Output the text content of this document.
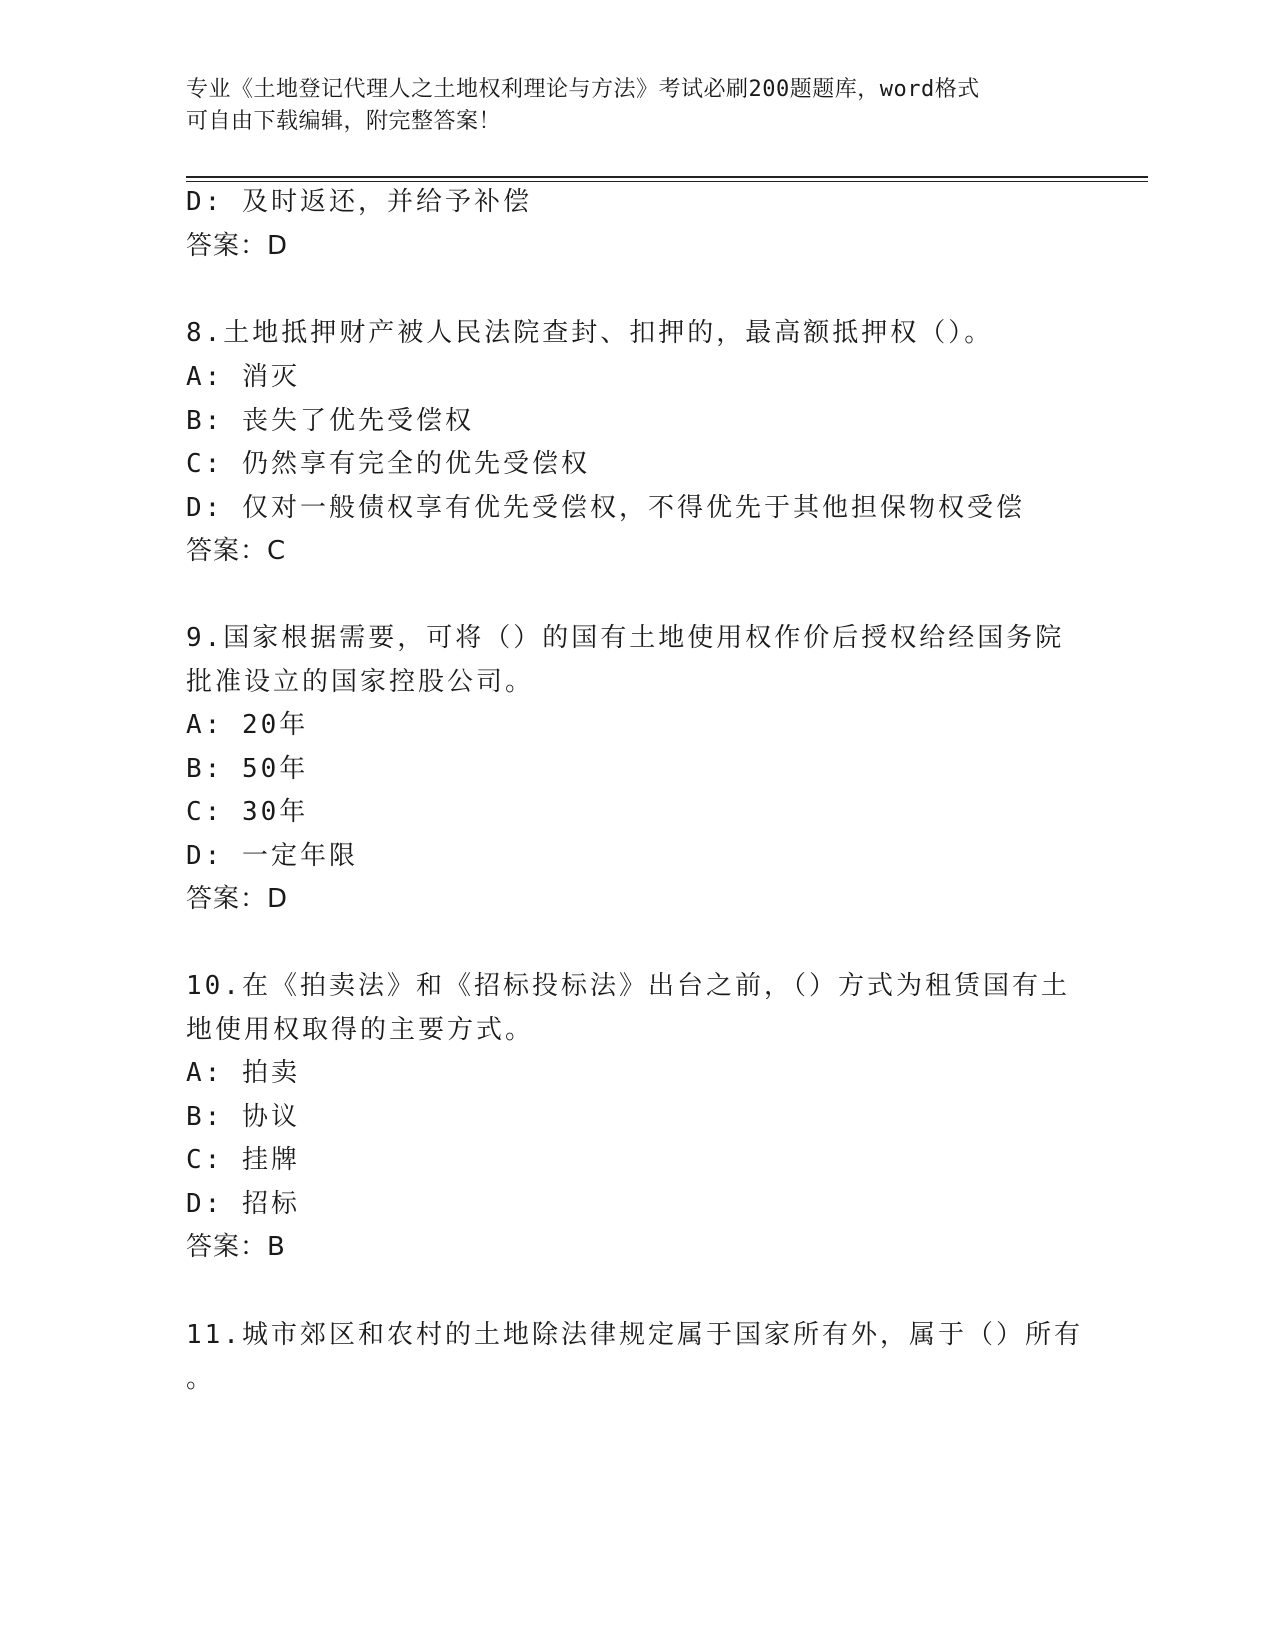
专业《土地登记代理人之土地权利理论与方法》考试必刷200题题库，word格式
可自由下载编辑，附完整答案！
D: 及时返还，并给予补偿
答案：D
8.土地抵押财产被人民法院查封、扣押的，最高额抵押权（）。
A: 消灭
B: 丧失了优先受偿权
C: 仍然享有完全的优先受偿权
D: 仅对一般债权享有优先受偿权，不得优先于其他担保物权受偿
答案：C
9.国家根据需要，可将（）的国有土地使用权作价后授权给经国务院
批准设立的国家控股公司。
A: 20年
B: 50年
C: 30年
D: 一定年限
答案：D
10.在《拍卖法》和《招标投标法》出台之前，（）方式为租赁国有土
地使用权取得的主要方式。
A: 拍卖
B: 协议
C: 挂牌
D: 招标
答案：B
11.城市郊区和农村的土地除法律规定属于国家所有外，属于（）所有
。
